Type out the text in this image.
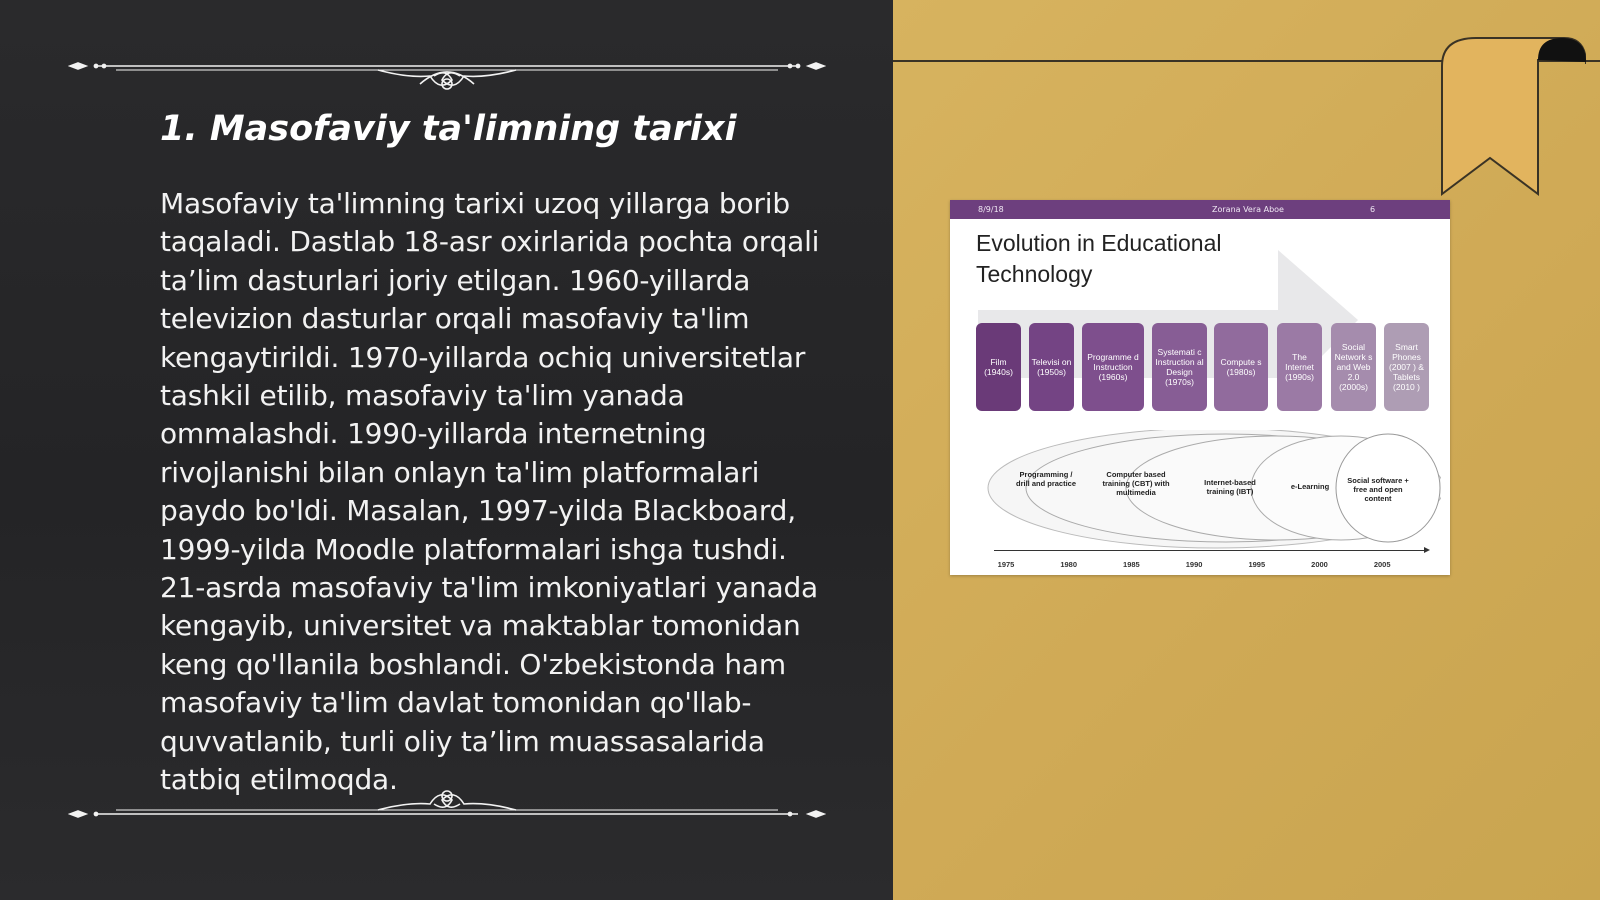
1. Masofaviy ta'limning tarixi
Masofaviy ta'limning tarixi uzoq yillarga borib taqaladi. Dastlab 18-asr oxirlarida pochta orqali ta’lim dasturlari joriy etilgan. 1960-yillarda televizion dasturlar orqali masofaviy ta'lim kengaytirildi. 1970-yillarda ochiq universitetlar tashkil etilib, masofaviy ta'lim yanada ommalashdi. 1990-yillarda internetning rivojlanishi bilan onlayn ta'lim platformalari paydo bo'ldi. Masalan, 1997-yilda Blackboard, 1999-yilda Moodle platformalari ishga tushdi. 21-asrda masofaviy ta'lim imkoniyatlari yanada kengayib, universitet va maktablar tomonidan keng qo'llanila boshlandi. O'zbekistonda ham masofaviy ta'lim davlat tomonidan qo'llab-quvvatlanib, turli oliy ta’lim muassasalarida tatbiq etilmoqda.
8/9/18	Zorana Vera Aboe	6
Evolution in Educational Technology
Film (1940s)
Televisi on (1950s)
Programme d Instruction (1960s)
Systemati c Instruction al Design (1970s)
Compute s (1980s)
The Internet (1990s)
Social Network s and Web 2.0 (2000s)
Smart Phones (2007 ) & Tablets (2010 )
Programming / drill and practice
Computer based training (CBT) with multimedia
Internet-based training (IBT)
e-Learning
Social software + free and open content
1975	1980	1985	1990	1995	2000	2005
